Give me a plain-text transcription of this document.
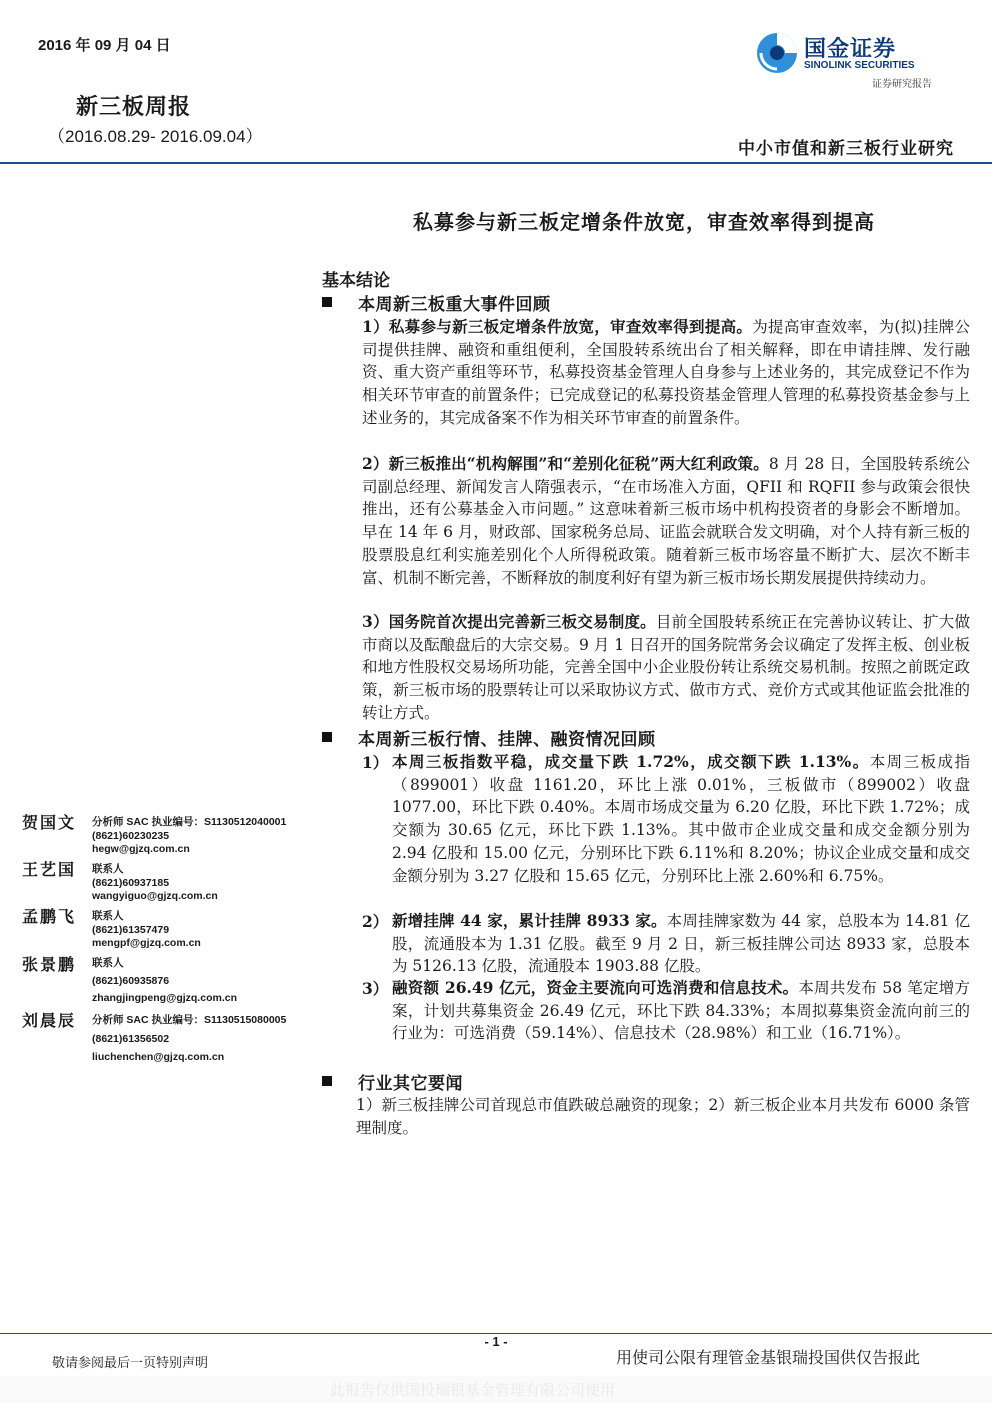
2016 年 09 月 04 日
新三板周报
（2016.08.29- 2016.09.04）
国金证券
SINOLINK SECURITIES
证券研究报告
中小市值和新三板行业研究
私募参与新三板定增条件放宽，审查效率得到提高
基本结论
本周新三板重大事件回顾
1）私募参与新三板定增条件放宽，审查效率得到提高。为提高审查效率，为(拟)挂牌公司提供挂牌、融资和重组便利，全国股转系统出台了相关解释，即在申请挂牌、发行融资、重大资产重组等环节，私募投资基金管理人自身参与上述业务的，其完成登记不作为相关环节审查的前置条件；已完成登记的私募投资基金管理人管理的私募投资基金参与上述业务的，其完成备案不作为相关环节审查的前置条件。
2）新三板推出“机构解围”和“差别化征税”两大红利政策。8 月 28 日，全国股转系统公司副总经理、新闻发言人隋强表示，“在市场准入方面，QFII 和 RQFII 参与政策会很快推出，还有公募基金入市问题。” 这意味着新三板市场中机构投资者的身影会不断增加。早在 14 年 6 月，财政部、国家税务总局、证监会就联合发文明确，对个人持有新三板的股票股息红利实施差别化个人所得税政策。随着新三板市场容量不断扩大、层次不断丰富、机制不断完善，不断释放的制度利好有望为新三板市场长期发展提供持续动力。
3）国务院首次提出完善新三板交易制度。目前全国股转系统正在完善协议转让、扩大做市商以及酝酿盘后的大宗交易。9 月 1 日召开的国务院常务会议确定了发挥主板、创业板和地方性股权交易场所功能，完善全国中小企业股份转让系统交易机制。按照之前既定政策，新三板市场的股票转让可以采取协议方式、做市方式、竞价方式或其他证监会批准的转让方式。
本周新三板行情、挂牌、融资情况回顾
1） 本周三板指数平稳，成交量下跌 1.72%，成交额下跌 1.13%。本周三板成指（899001）收盘 1161.20，环比上涨 0.01%，三板做市（899002）收盘 1077.00，环比下跌 0.40%。本周市场成交量为 6.20 亿股，环比下跌 1.72%；成交额为 30.65 亿元，环比下跌 1.13%。其中做市企业成交量和成交金额分别为 2.94 亿股和 15.00 亿元，分别环比下跌 6.11%和 8.20%；协议企业成交量和成交金额分别为 3.27 亿股和 15.65 亿元，分别环比上涨 2.60%和 6.75%。
2） 新增挂牌 44 家，累计挂牌 8933 家。本周挂牌家数为 44 家，总股本为 14.81 亿股，流通股本为 1.31 亿股。截至 9 月 2 日，新三板挂牌公司达 8933 家，总股本为 5126.13 亿股，流通股本 1903.88 亿股。
3） 融资额 26.49 亿元，资金主要流向可选消费和信息技术。本周共发布 58 笔定增方案，计划共募集资金 26.49 亿元，环比下跌 84.33%；本周拟募集资金流向前三的行业为：可选消费（59.14%）、信息技术（28.98%）和工业（16.71%）。
行业其它要闻
1）新三板挂牌公司首现总市值跌破总融资的现象；2）新三板企业本月共发布 6000 条管理制度。
贺国文 分析师 SAC 执业编号：S1130512040001
(8621)60230235
hegw@gjzq.com.cn
王艺国 联系人
(8621)60937185
wangyiguo@gjzq.com.cn
孟鹏飞 联系人
(8621)61357479
mengpf@gjzq.com.cn
张景鹏 联系人
(8621)60935876
zhangjingpeng@gjzq.com.cn
刘晨辰 分析师 SAC 执业编号：S1130515080005
(8621)61356502
liuchenchen@gjzq.com.cn
- 1 -
敬请参阅最后一页特别声明	用使司公限有理管金基银瑞投国供仅告报此
此报告仅供国投瑞银基金管理有限公司使用
